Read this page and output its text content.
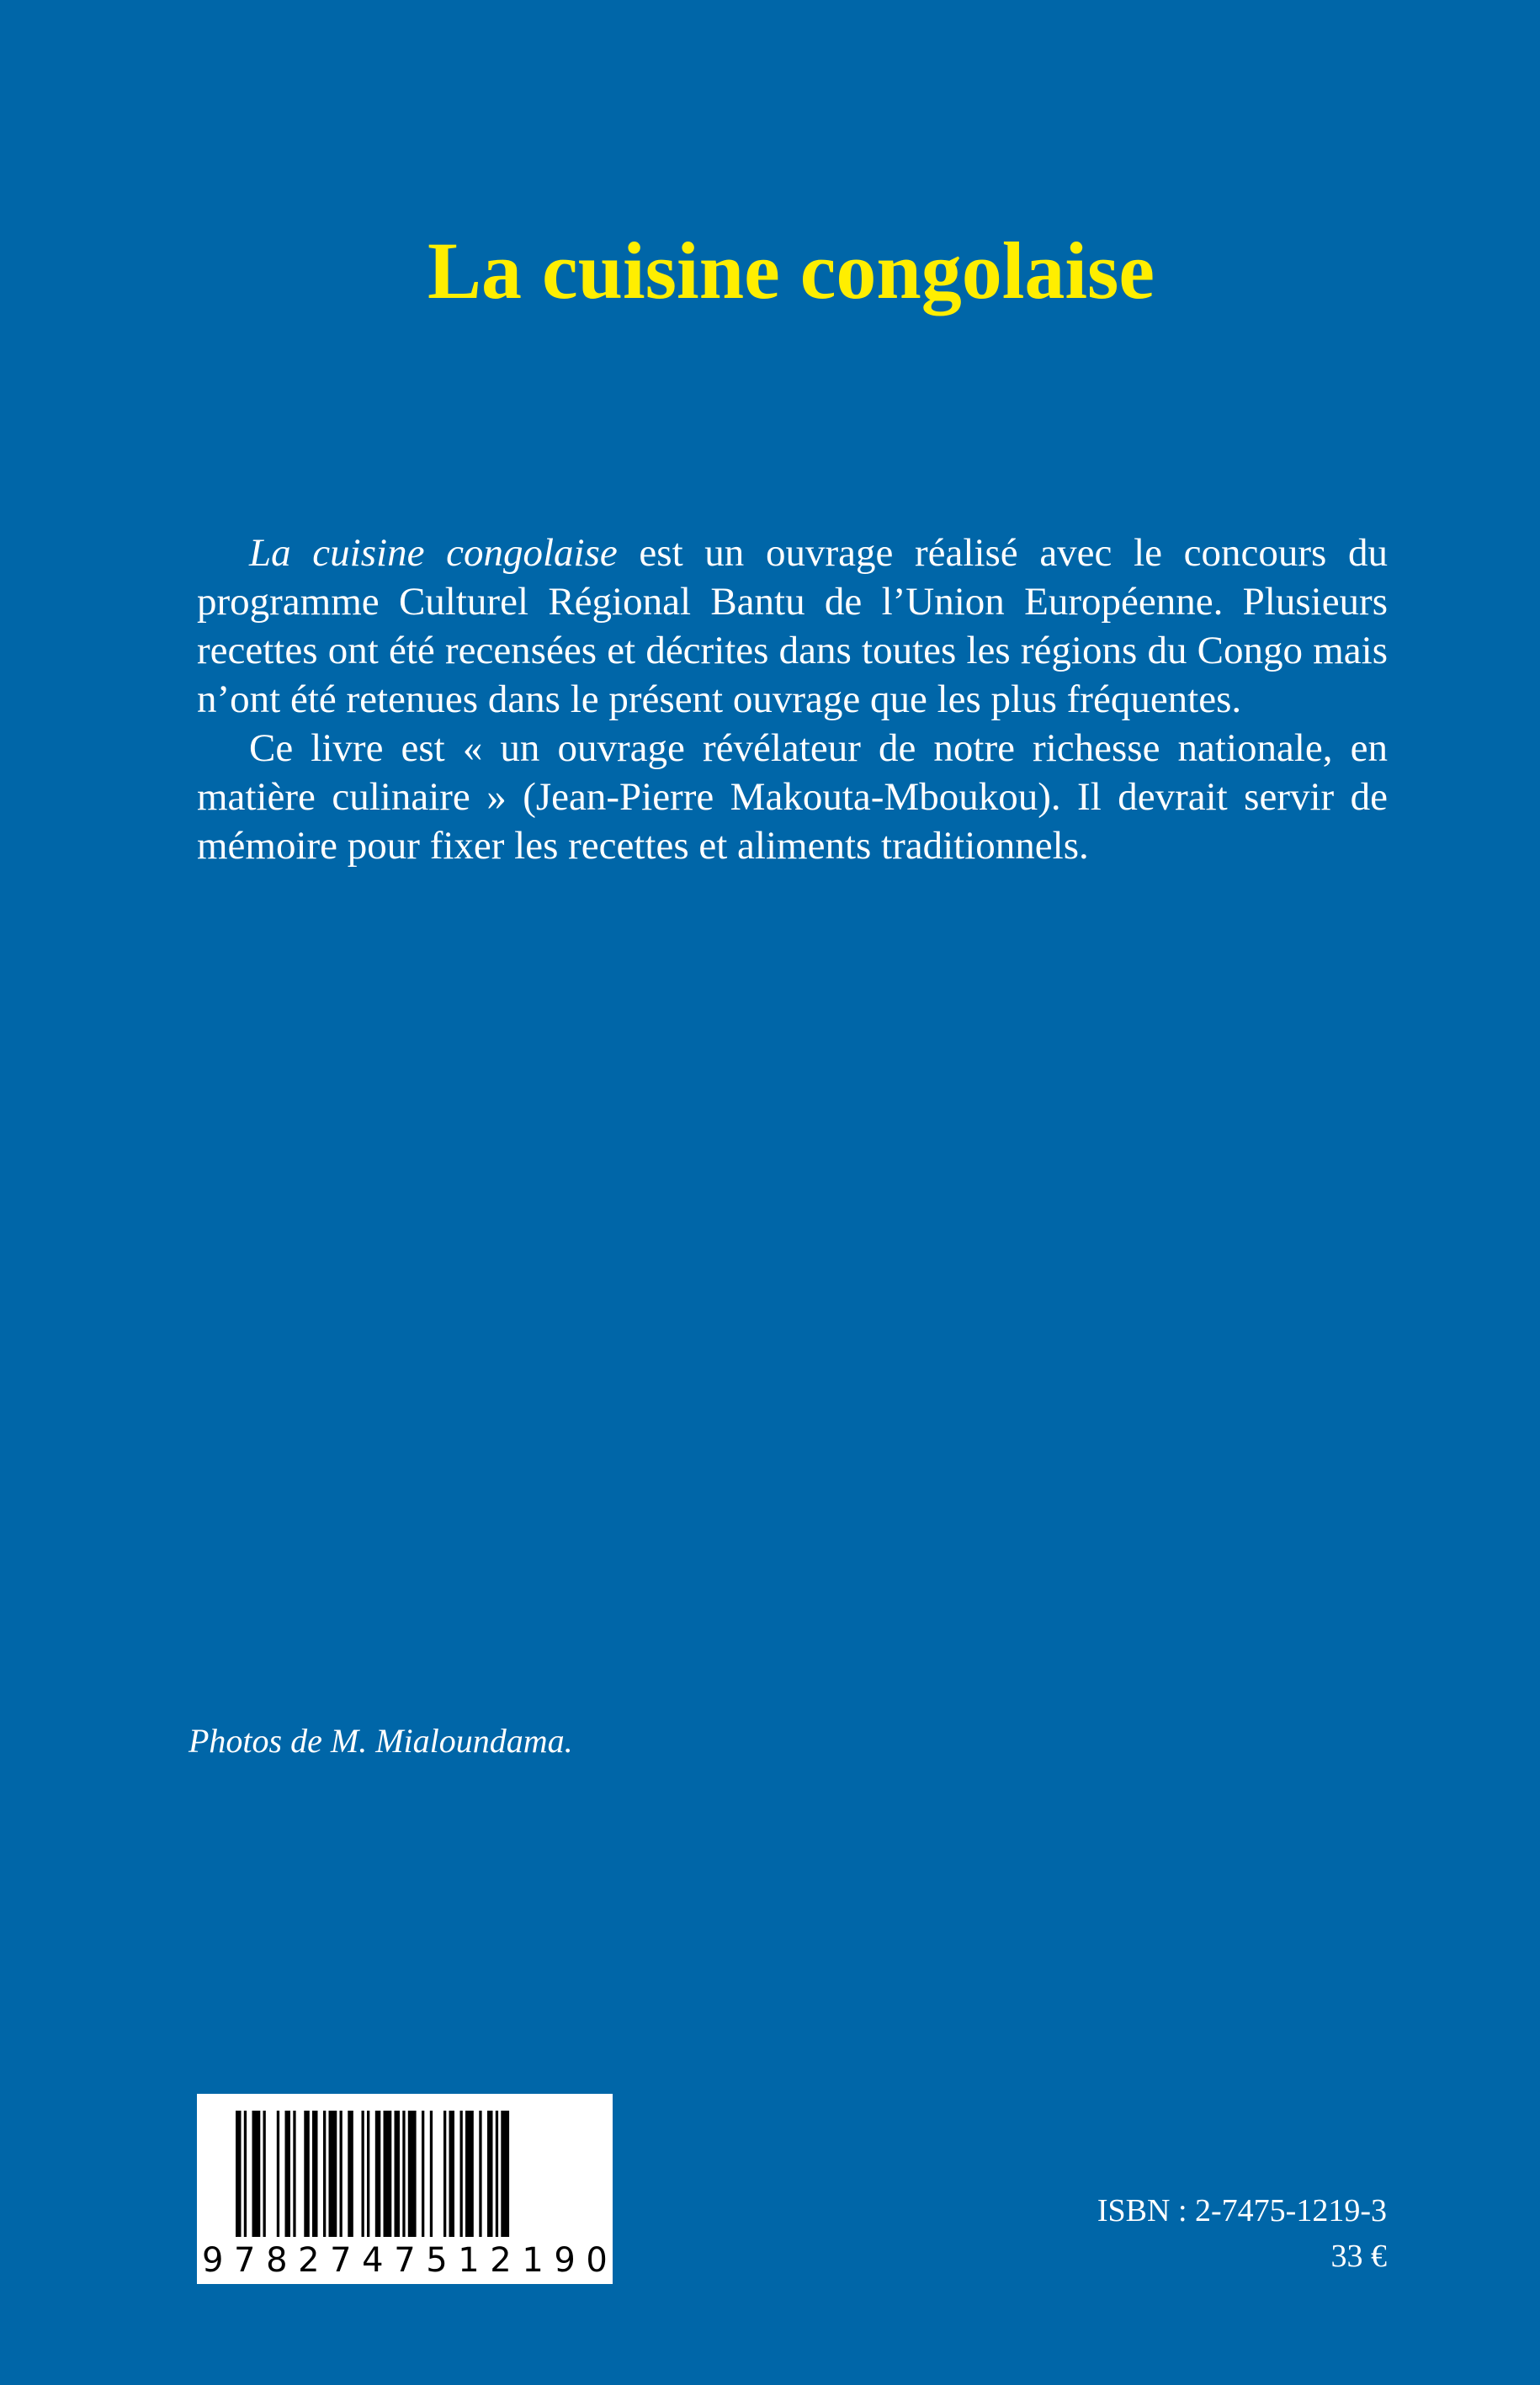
La cuisine congolaise

La cuisine congolaise est un ouvrage réalisé avec le concours du programme Culturel Régional Bantu de l’Union Européenne. Plusieurs recettes ont été recensées et décrites dans toutes les régions du Congo mais n’ont été retenues dans le présent ouvrage que les plus fréquentes.

Ce livre est « un ouvrage révélateur de notre richesse nationale, en matière culinaire » (Jean-Pierre Makouta-Mboukou). Il devrait servir de mémoire pour fixer les recettes et aliments traditionnels.

Photos de M. Mialoundama.

9 7 8 2 7 4 7 5 1 2 1 9 0
ISBN : 2-7475-1219-3
33 €
